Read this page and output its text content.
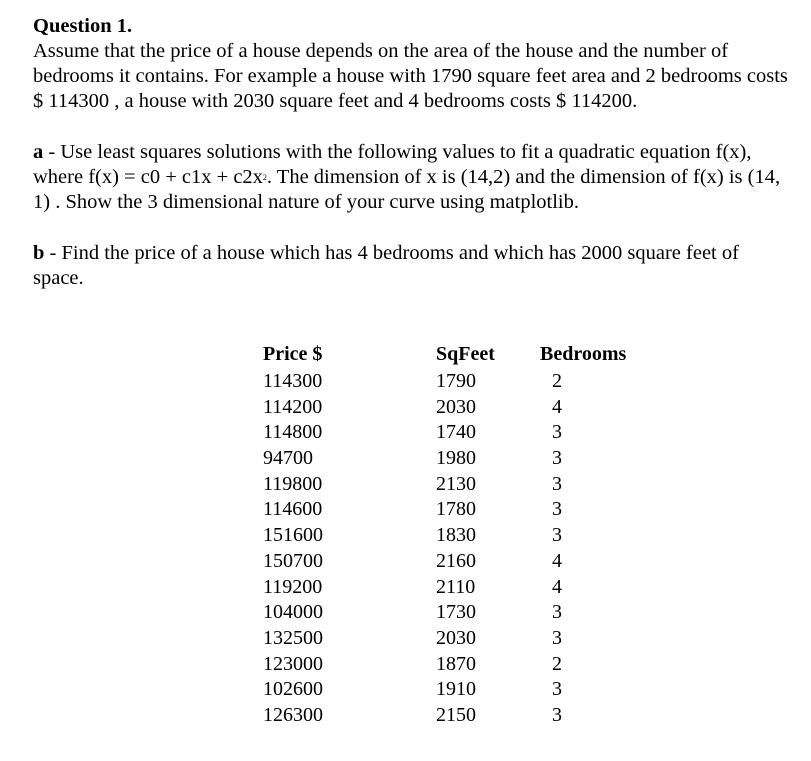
Question 1.

Assume that the price of a house depends on the area of the house and the number of bedrooms it contains. For example a house with 1790 square feet area and 2 bedrooms costs $ 114300 , a house with 2030 square feet and 4 bedrooms costs $ 114200.

a - Use least squares solutions with the following values to fit a quadratic equation f(x), where $f(x) = c0 + c1x + c2x^2$. The dimension of x is (14,2) and the dimension of f(x) is (14, 1) . Show the 3 dimensional nature of your curve using matplotlib.

b - Find the price of a house which has 4 bedrooms and which has 2000 square feet of space.

Price $	SqFeet	Bedrooms
114300	1790	2
114200	2030	4
114800	1740	3
94700	1980	3
119800	2130	3
114600	1780	3
151600	1830	3
150700	2160	4
119200	2110	4
104000	1730	3
132500	2030	3
123000	1870	2
102600	1910	3
126300	2150	3
